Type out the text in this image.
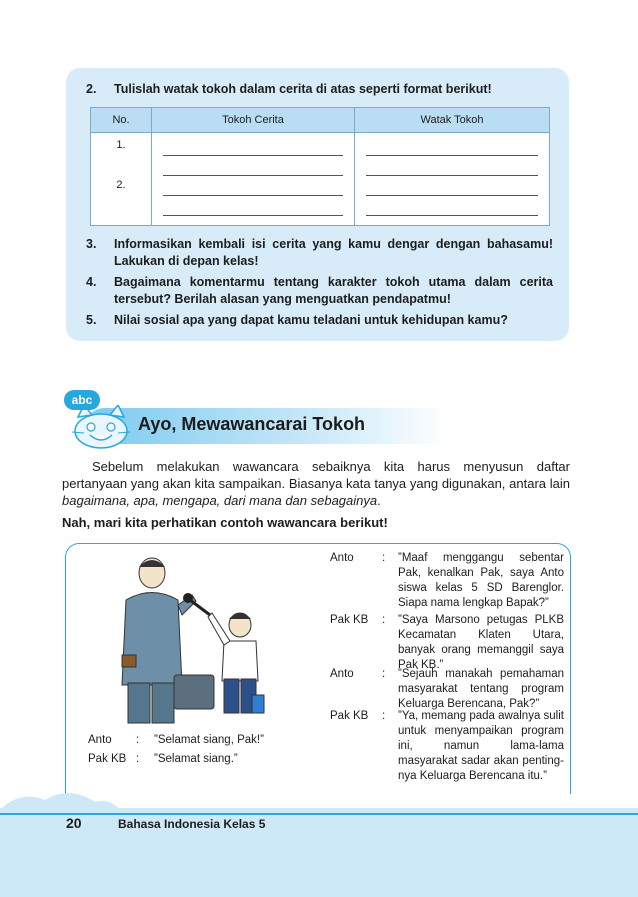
2.	Tulislah watak tokoh dalam cerita di atas seperti format berikut!
No.	Tokoh Cerita	Watak Tokoh

1.
2.		

3.	Informasikan kembali isi cerita yang kamu dengar dengan bahasamu! Lakukan di depan kelas!
4.	Bagaimana komentarmu tentang karakter tokoh utama dalam cerita tersebut? Berilah alasan yang menguatkan pendapatmu!
5.	Nilai sosial apa yang dapat kamu teladani untuk kehidupan kamu?
abc
Ayo, Mewawancarai Tokoh
Sebelum melakukan wawancara sebaiknya kita harus menyusun daftar pertanyaan yang akan kita sampaikan. Biasanya kata tanya yang digunakan, antara lain bagaimana, apa, mengapa, dari mana dan sebagainya.
Nah, mari kita perhatikan contoh wawancara berikut!
Anto : ”Selamat siang, Pak!”
Pak KB : ”Selamat siang.”
Anto	: ”Maaf menggangu sebentar Pak, kenalkan Pak, saya Anto siswa kelas 5 SD Barenglor. Siapa nama lengkap Bapak?”
Pak KB	: ”Saya Marsono petugas PLKB Kecamatan Klaten Utara, banyak orang memanggil saya Pak KB.”
Anto	: ”Sejauh manakah pemahaman masyarakat tentang program Keluarga Berencana, Pak?”
Pak KB	: ”Ya, memang pada awalnya sulit untuk menyampaikan program ini, namun lama-lama masyarakat sadar akan penting-nya Keluarga Berencana itu.”
20	Bahasa Indonesia Kelas 5
